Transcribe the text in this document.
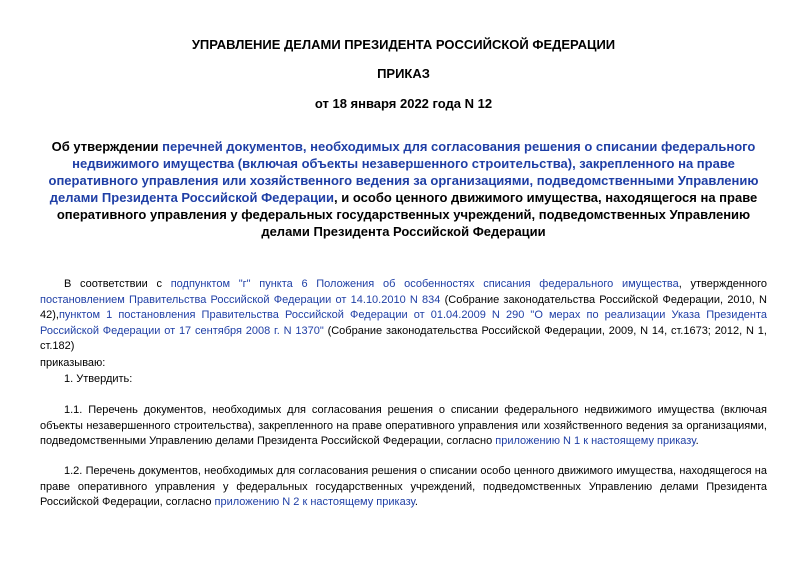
УПРАВЛЕНИЕ ДЕЛАМИ ПРЕЗИДЕНТА РОССИЙСКОЙ ФЕДЕРАЦИИ
ПРИКАЗ
от 18 января 2022 года N 12
Об утверждении перечней документов, необходимых для согласования решения о списании федерального недвижимого имущества (включая объекты незавершенного строительства), закрепленного на праве оперативного управления или хозяйственного ведения за организациями, подведомственными Управлению делами Президента Российской Федерации, и особо ценного движимого имущества, находящегося на праве оперативного управления у федеральных государственных учреждений, подведомственных Управлению делами Президента Российской Федерации
В соответствии с подпунктом "г" пункта 6 Положения об особенностях списания федерального имущества, утвержденного постановлением Правительства Российской Федерации от 14.10.2010 N 834 (Собрание законодательства Российской Федерации, 2010, N 42),пунктом 1 постановления Правительства Российской Федерации от 01.04.2009 N 290 "О мерах по реализации Указа Президента Российской Федерации от 17 сентября 2008 г. N 1370" (Собрание законодательства Российской Федерации, 2009, N 14, ст.1673; 2012, N 1, ст.182)
приказываю:
1. Утвердить:
1.1. Перечень документов, необходимых для согласования решения о списании федерального недвижимого имущества (включая объекты незавершенного строительства), закрепленного на праве оперативного управления или хозяйственного ведения за организациями, подведомственными Управлению делами Президента Российской Федерации, согласно приложению N 1 к настоящему приказу.
1.2. Перечень документов, необходимых для согласования решения о списании особо ценного движимого имущества, находящегося на праве оперативного управления у федеральных государственных учреждений, подведомственных Управлению делами Президента Российской Федерации, согласно приложению N 2 к настоящему приказу.
